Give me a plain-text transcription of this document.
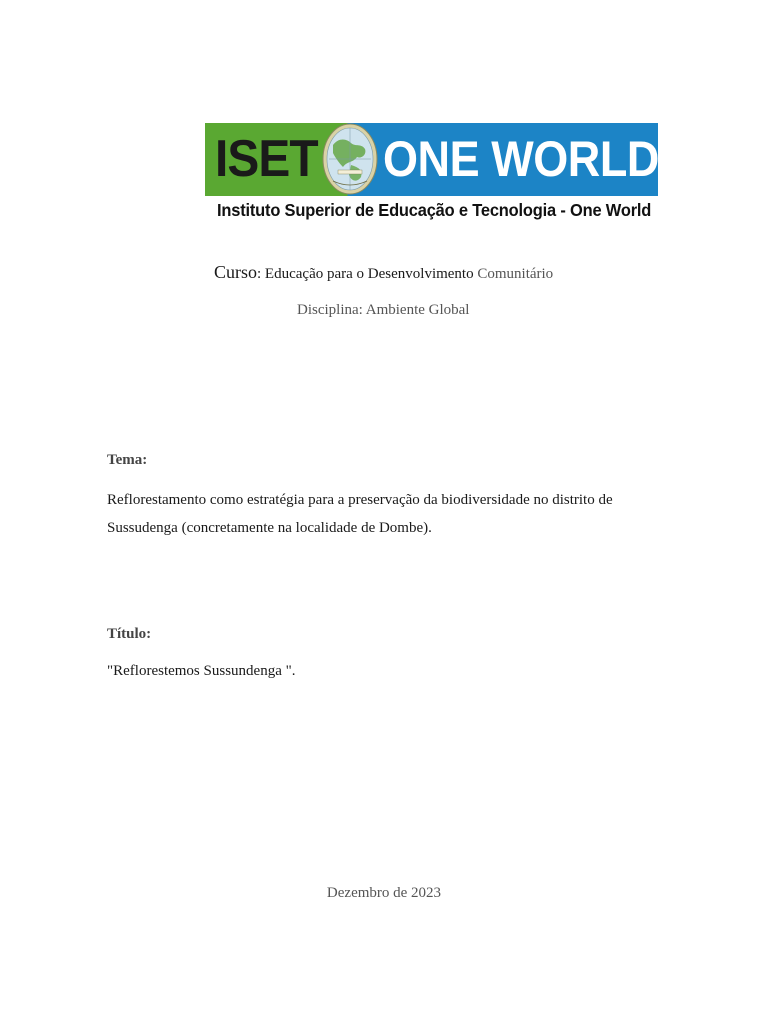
ISET ONE WORLD
Instituto Superior de Educação e Tecnologia - One World
Curso: Educação para o Desenvolvimento Comunitário
Disciplina: Ambiente Global
Tema:

Reflorestamento como estratégia para a preservação da biodiversidade no distrito de
Sussudenga (concretamente na localidade de Dombe).

Título:
"Reflorestemos Sussundenga ".
Dezembro de 2023
